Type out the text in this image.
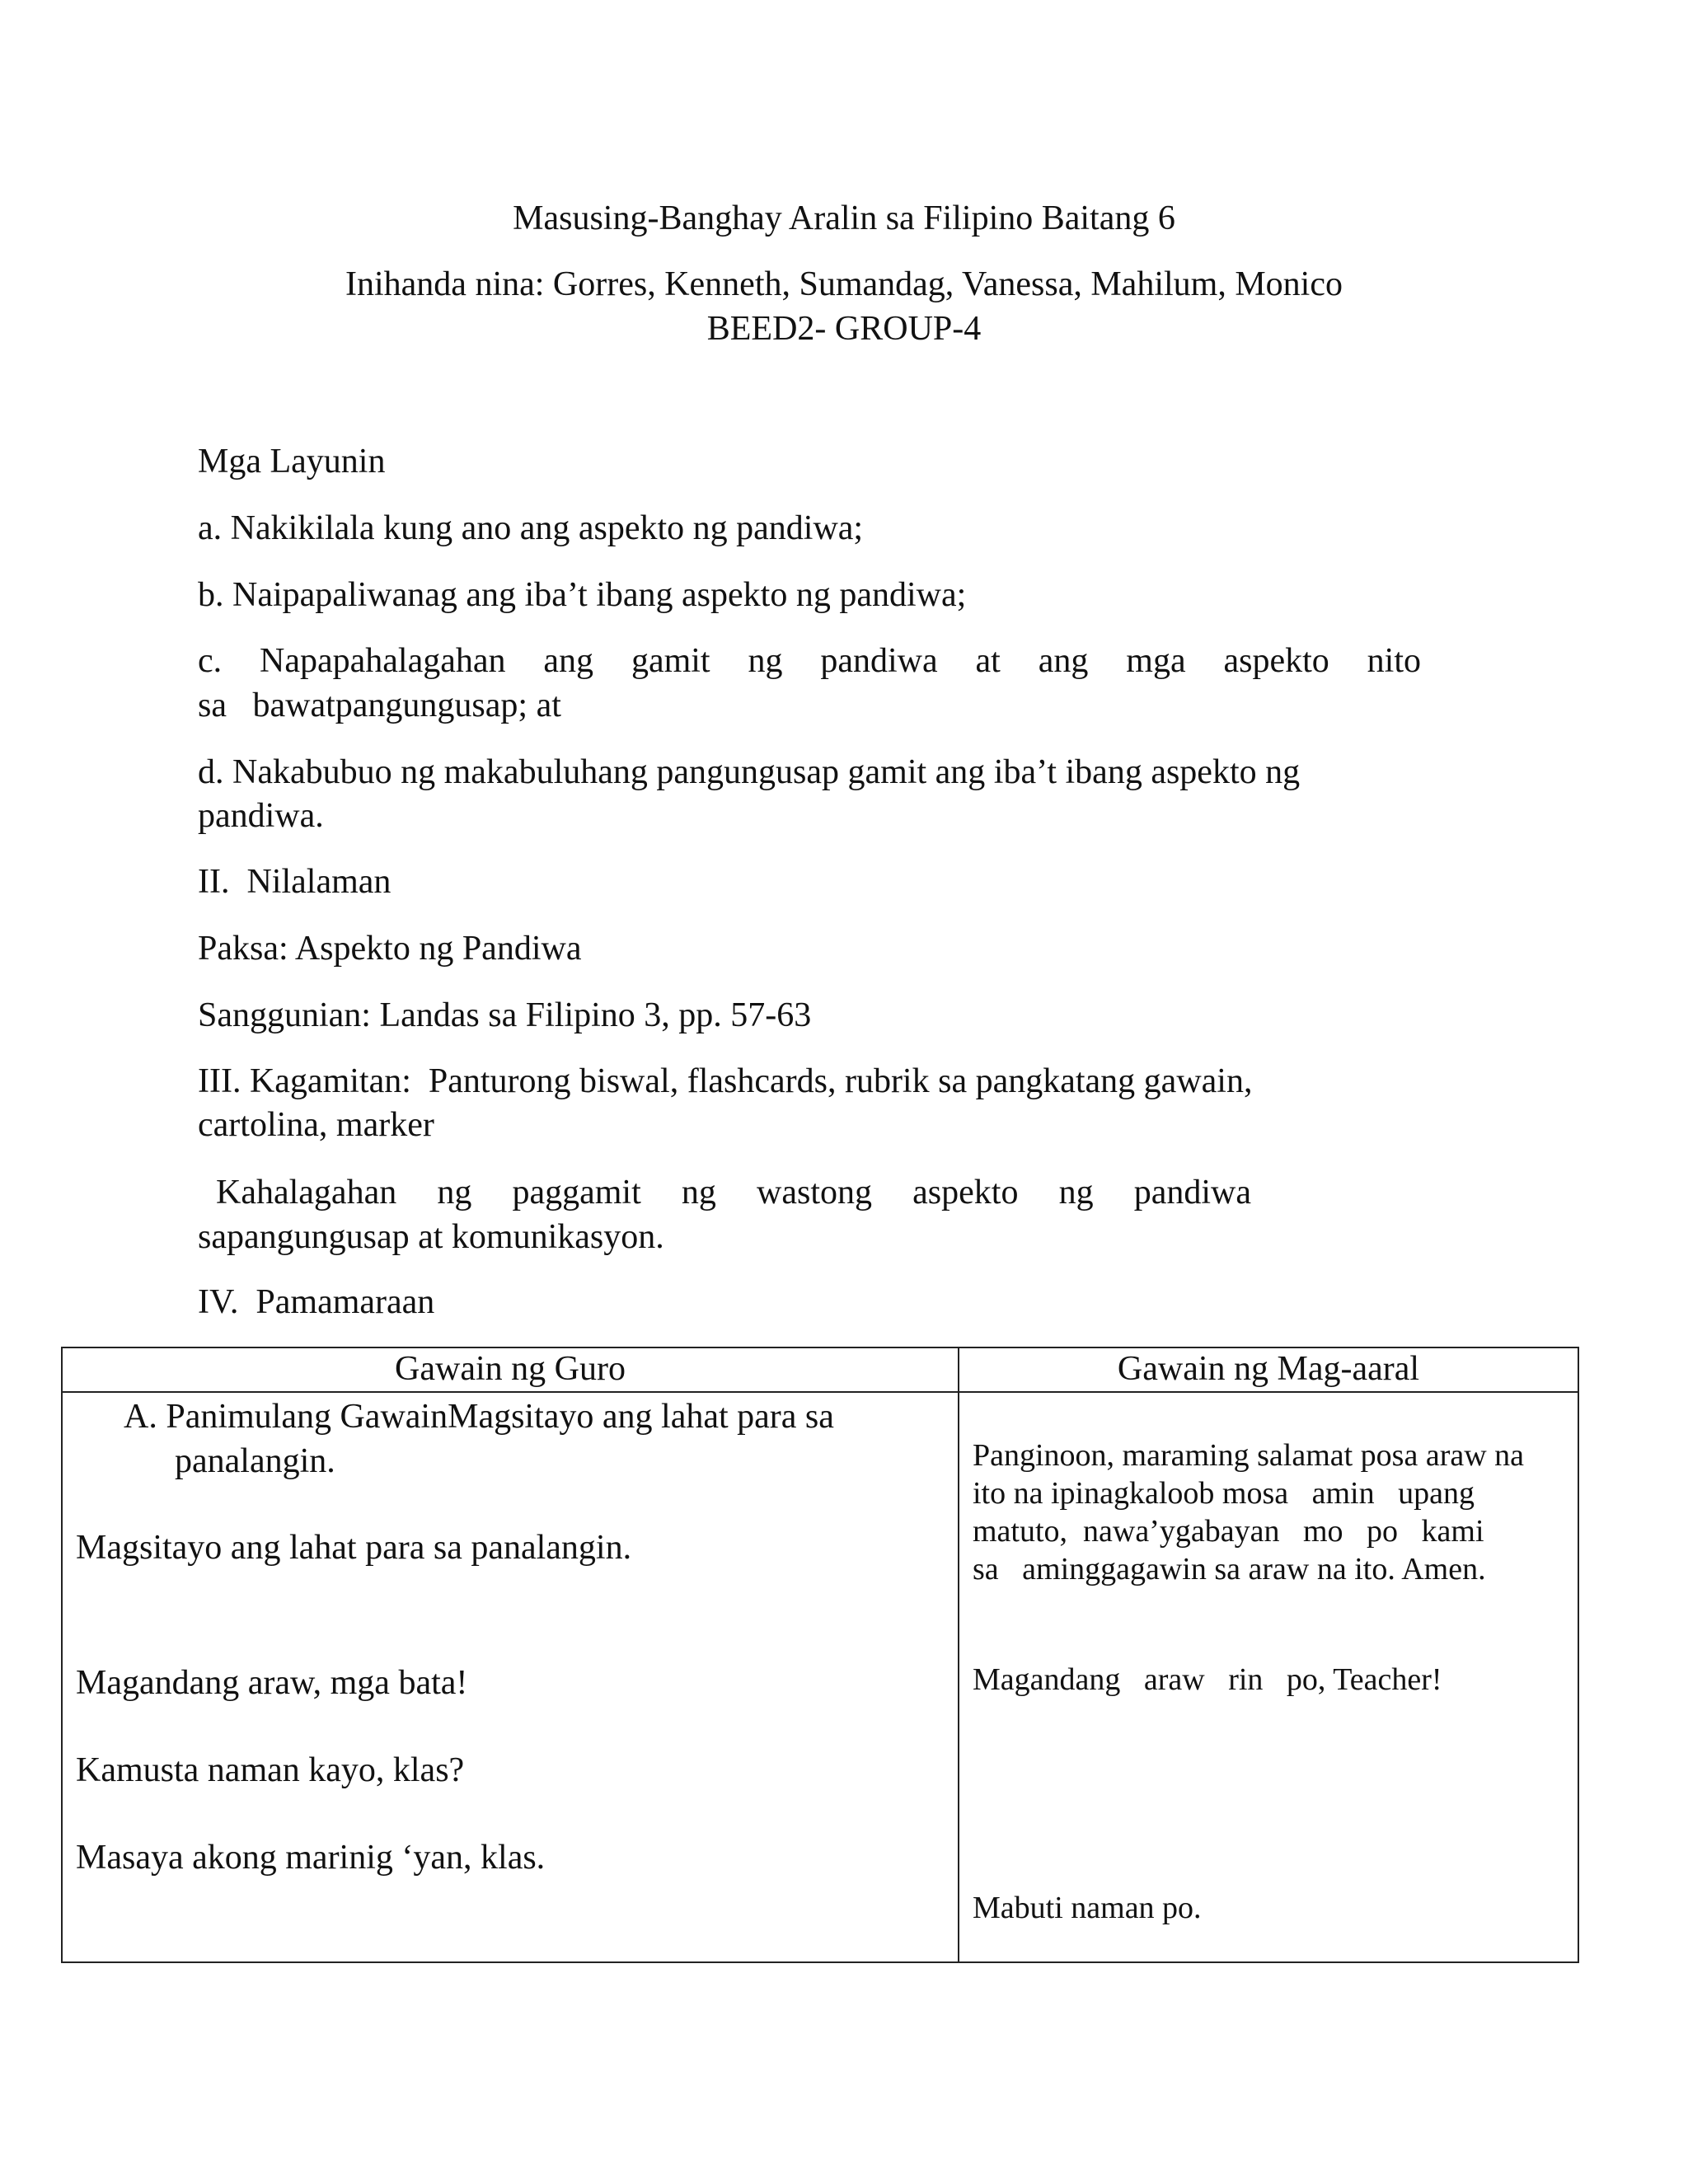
Masusing-Banghay Aralin sa Filipino Baitang 6
Inihanda nina: Gorres, Kenneth, Sumandag, Vanessa, Mahilum, Monico
BEED2- GROUP-4
Mga Layunin
a. Nakikilala kung ano ang aspekto ng pandiwa;
b. Naipapaliwanag ang iba’t ibang aspekto ng pandiwa;
c. Napapahalagahan ang gamit ng pandiwa at ang mga aspekto nito
sa   bawatpangungusap; at
d. Nakabubuo ng makabuluhang pangungusap gamit ang iba’t ibang aspekto ng
pandiwa.
II.  Nilalaman
Paksa: Aspekto ng Pandiwa
Sanggunian: Landas sa Filipino 3, pp. 57-63
III. Kagamitan:  Panturong biswal, flashcards, rubrik sa pangkatang gawain,
cartolina, marker
Kahalagahan ng paggamit ng wastong aspekto ng pandiwa
sapangungusap at komunikasyon.
IV.  Pamamaraan
Gawain ng Guro	Gawain ng Mag-aaral
A. Panimulang GawainMagsitayo ang lahat para sa
panalangin.
Magsitayo ang lahat para sa panalangin.
Magandang araw, mga bata!
Kamusta naman kayo, klas?
Masaya akong marinig ‘yan, klas.
Panginoon, maraming salamat posa araw na
ito na ipinagkaloob mosa   amin   upang
matuto,  nawa’ygabayan   mo   po   kami
sa   aminggagawin sa araw na ito. Amen.
Magandang   araw   rin   po, Teacher!
Mabuti naman po.
